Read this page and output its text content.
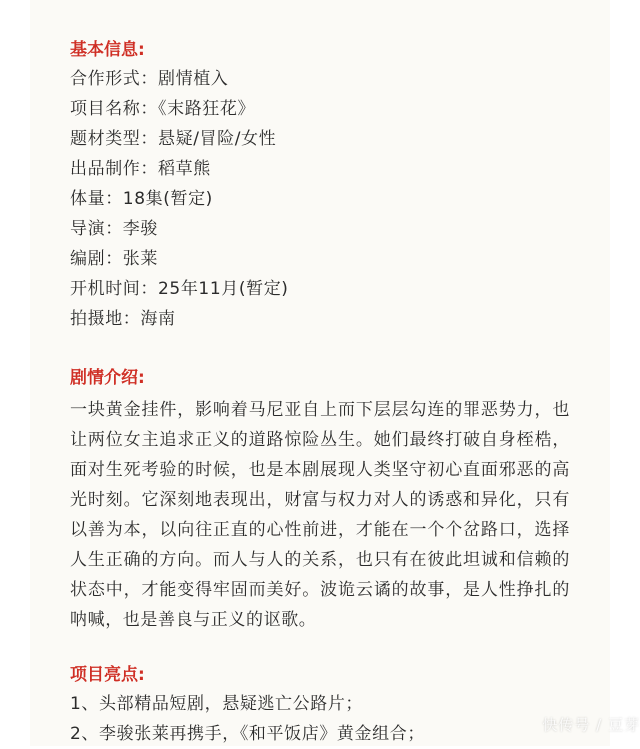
基本信息:
合作形式：剧情植入
项目名称：《末路狂花》
题材类型：悬疑/冒险/女性
出品制作：稻草熊
体量：18集(暂定)
导演：李骏
编剧：张莱
开机时间：25年11月(暂定)
拍摄地：海南
剧情介绍:
一块黄金挂件，影响着马尼亚自上而下层层勾连的罪恶势力，也让两位女主追求正义的道路惊险丛生。她们最终打破自身桎梏，面对生死考验的时候，也是本剧展现人类坚守初心直面邪恶的高光时刻。它深刻地表现出，财富与权力对人的诱惑和异化，只有以善为本，以向往正直的心性前进，才能在一个个岔路口，选择人生正确的方向。而人与人的关系，也只有在彼此坦诚和信赖的状态中，才能变得牢固而美好。波诡云谲的故事，是人性挣扎的呐喊，也是善良与正义的讴歌。
项目亮点:
1、头部精品短剧，悬疑逃亡公路片；
2、李骏张莱再携手，《和平饭店》黄金组合；	快传号 / 豆芽
